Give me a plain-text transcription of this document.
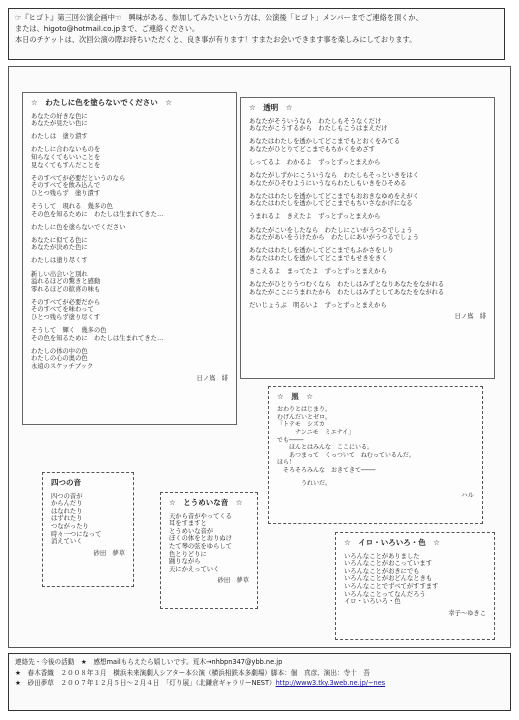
☞『ヒゴト』第三回公演企画中☜　興味がある、参加してみたいという方は、公演後「ヒゴト」メンバーまでご連絡を頂くか、
または、higoto@hotmail.co.jpまで、ご連絡ください。
本日のチケットは、次回公演の際お持ちいただくと、良き事が有ります！すまたお会いできます事を楽しみにしております。
☆　わたしに色を塗らないでください　☆
あなたの好きな色に
あなたが見たい色に
わたしは　塗り潰す
わたしに合わないものを
知らなくてもいいことを
見なくてもすんだことを
そのすべてが必要だというのなら
そのすべてを飲み込んで
ひとつ残らず　塗り潰す
そうして　現れる　幾多の色
その色を知るために　わたしは生まれてきた…
わたしに色を塗らないでください
あなたに似てる色に
あなたが決めた色に
わたしは塗り尽くす
新しい出会いと別れ
溢れるほどの驚きと感動
零れるほどの歓喜の味も
そのすべてが必要だから
そのすべてを味わって
ひとつ残らず塗り尽くす
そうして　輝く　幾多の色
その色を知るために　わたしは生まれてきた…
わたしの体の中の色
わたしの心の奥の色
永遠のスケッチブック
日ノ嶌　緋
☆　透明　☆
あなたがそういうなら　わたしもそうなくだけ
あなたがこうするから　わたしもこうはまえだけ
あなたはわたしを透かしてどこまでもとおくをみてる
あなたがひとりてどこまでもちかくをめざす
しってるよ　わかるよ　ずっとずっとまえから
あなたがしずかにこういうなら　わたしもそっといきをはく
あなたがひそむようにいうならわたしもいきをひそめる
あなたはわたしを透かしてどこまでもおおきなゆめをえがく
あなたはわたしを透かしてどこまでもちいさなかげになる
うまれるよ　きえたよ　ずっとずっとまえから
あなたがこいをしたなら　わたしにこいがうつるでしょう
あなたがあいをうけたから　わたしにあいがうつるでしょう
あなたはわたしを透かしてどこまでもふかさをしり
あなたはわたしを透かしてどこまでもせきをきく
きこえるよ　まってたよ　ずっとずっとまえから
あなたがひとりうつむくなら　わたしはみずとなりあなたをながれる
あなたがここにうまれたから　わたしはみずとしてあなたをながれる
だいじょうぶ　明るいよ　ずっとずっとまえから
日ノ嶌　緋
☆　黒　☆
おわりとはじまり。
むげんだいとゼロ。
「トテモ　シズカ
　　　ナンニモ　ミエナイ」
でも────
　　ほんとはみんな　ここにいる。
　　あつまって　くっついて　ねむっているんだ。
ほら！
　そろそろみんな　おきてきて────
　　　　うれいだ。
ハル
四つの音
四つの音が
からんだり
はなれたり
はずれたり
つながったり
時々一つになって
消えていく
砂田　夢草
☆　とうめいな音　☆
天から音がやってくる
耳をすますと
とうめいな音が
ぼくの体をとおりぬけ
たて琴の弦をゆらして
色とりどりに
踊りながら
天にかえっていく
砂田　夢草
☆　イロ・いろいろ・色　☆
いろんなことがありました
いろんなことがおこっています
いろんなことがおきにでも
いろんなことがおどんなときも
いろんなことでずべてがすすます
いろんなことってなんだろう
イロ・いろいろ・色
幸子〜ゆきこ
連絡先・今後の活動　★　感想mailもらえたら嬉しいです。荒木→nhbpn347@ybb.ne.jp
★　春木香織　２００８年３月　横浜未来演劇人シアター本公演（横浜相鉄本多劇場）脚本：個　真彦、演出：寺十　吾
★　砂田夢草　２００７年１２月５日〜２月４日　「灯り展」（北鎌倉ギャラリーNEST）http://www3.tky.3web.ne.jp/~nes
